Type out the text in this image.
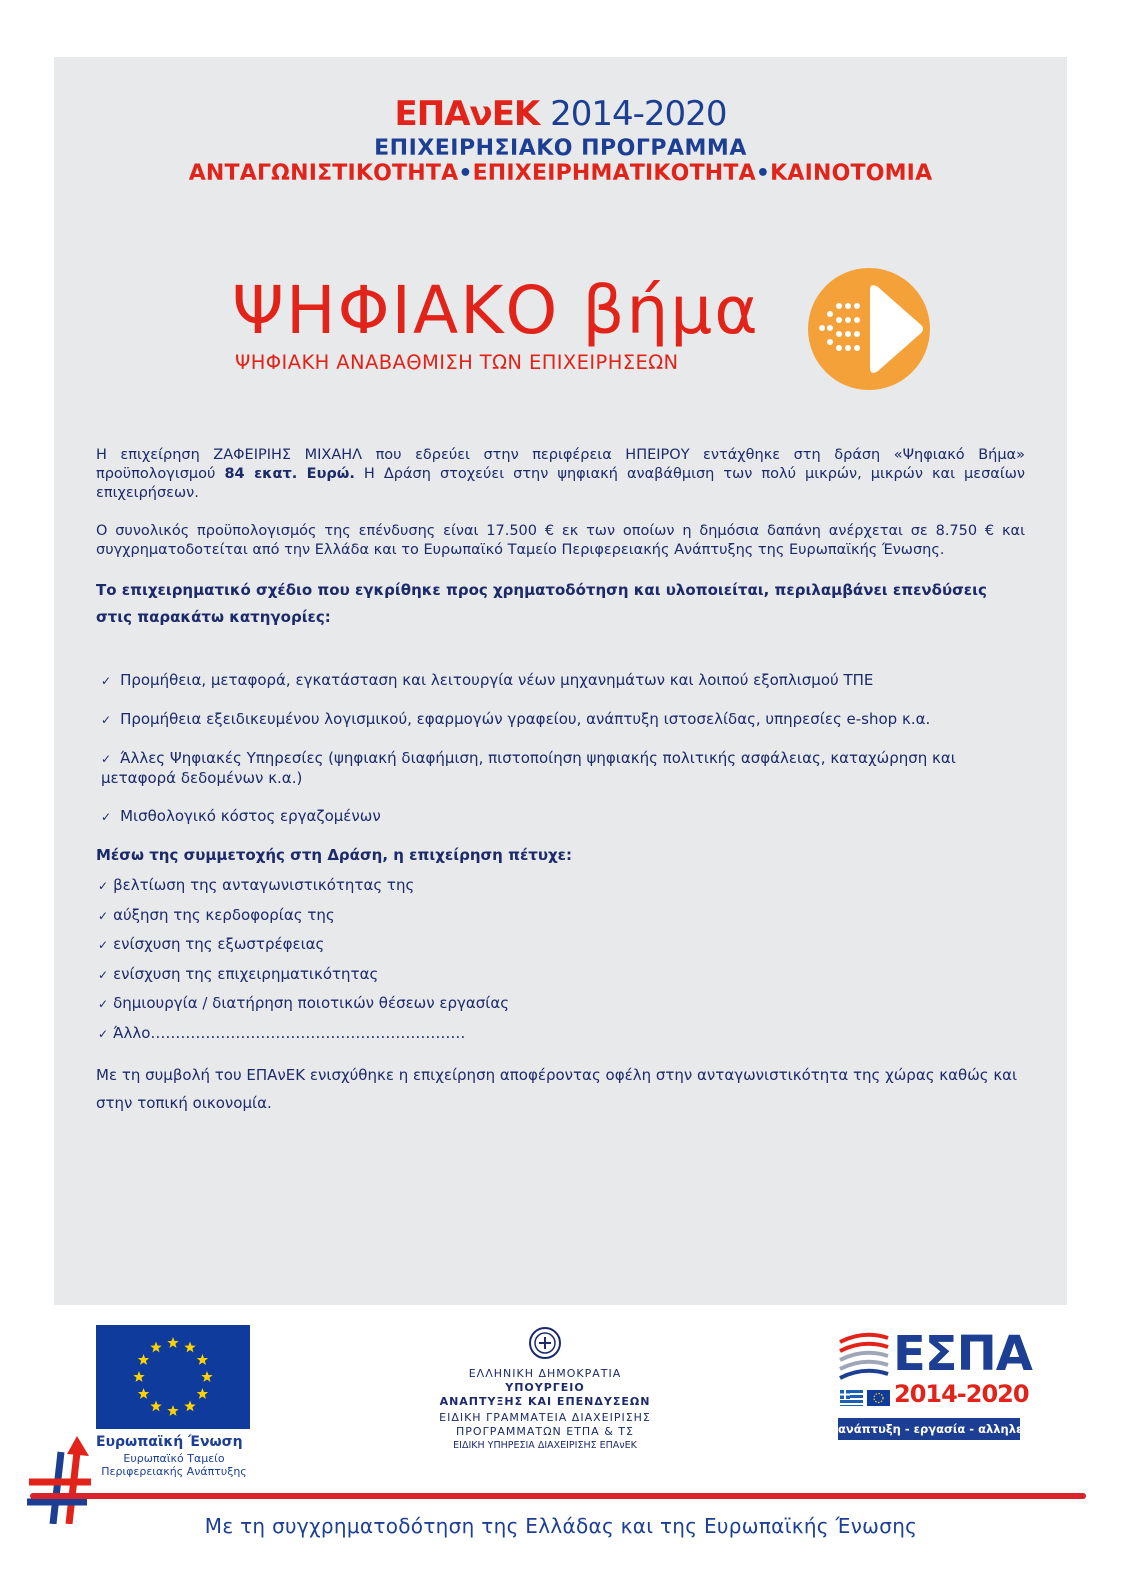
ΕΠΑνΕΚ 2014-2020
ΕΠΙΧΕΙΡΗΣΙΑΚΟ ΠΡΟΓΡΑΜΜΑ
ΑΝΤΑΓΩΝΙΣΤΙΚΟΤΗΤΑ•ΕΠΙΧΕΙΡΗΜΑΤΙΚΟΤΗΤΑ•ΚΑΙΝΟΤΟΜΙΑ
ΨΗΦΙΑΚΟ βήμα
ΨΗΦΙΑΚΗ ΑΝΑΒΑΘΜΙΣΗ ΤΩΝ ΕΠΙΧΕΙΡΗΣΕΩΝ

Η επιχείρηση ΖΑΦΕΙΡΙΗΣ ΜΙΧΑΗΛ που εδρεύει στην περιφέρεια ΗΠΕΙΡΟΥ εντάχθηκε στη δράση «Ψηφιακό Βήμα» προϋπολογισμού 84 εκατ. Ευρώ. Η Δράση στοχεύει στην ψηφιακή αναβάθμιση των πολύ μικρών, μικρών και μεσαίων επιχειρήσεων.

Ο συνολικός προϋπολογισμός της επένδυσης είναι 17.500 € εκ των οποίων η δημόσια δαπάνη ανέρχεται σε 8.750 € και συγχρηματοδοτείται από την Ελλάδα και το Ευρωπαϊκό Ταμείο Περιφερειακής Ανάπτυξης της Ευρωπαϊκής Ένωσης.

Το επιχειρηματικό σχέδιο που εγκρίθηκε προς χρηματοδότηση και υλοποιείται, περιλαμβάνει επενδύσεις στις παρακάτω κατηγορίες:

✓ Προμήθεια, μεταφορά, εγκατάσταση και λειτουργία νέων μηχανημάτων και λοιπού εξοπλισμού ΤΠΕ
✓ Προμήθεια εξειδικευμένου λογισμικού, εφαρμογών γραφείου, ανάπτυξη ιστοσελίδας, υπηρεσίες e-shop κ.α.
✓ Άλλες Ψηφιακές Υπηρεσίες (ψηφιακή διαφήμιση, πιστοποίηση ψηφιακής πολιτικής ασφάλειας, καταχώρηση και μεταφορά δεδομένων κ.α.)
✓ Μισθολογικό κόστος εργαζομένων

Μέσω της συμμετοχής στη Δράση, η επιχείρηση πέτυχε:

✓ βελτίωση της ανταγωνιστικότητας της
✓ αύξηση της κερδοφορίας της
✓ ενίσχυση της εξωστρέφειας
✓ ενίσχυση της επιχειρηματικότητας
✓ δημιουργία / διατήρηση ποιοτικών θέσεων εργασίας
✓ Άλλο………………………………………………………

Με τη συμβολή του ΕΠΑνΕΚ ενισχύθηκε η επιχείρηση αποφέροντας οφέλη στην ανταγωνιστικότητα της χώρας καθώς και στην τοπική οικονομία.

Ευρωπαϊκή Ένωση
Ευρωπαϊκό Ταμείο
Περιφερειακής Ανάπτυξης
ΕΛΛΗΝΙΚΗ ΔΗΜΟΚΡΑΤΙΑ
ΥΠΟΥΡΓΕΙΟ
ΑΝΑΠΤΥΞΗΣ ΚΑΙ ΕΠΕΝΔΥΣΕΩΝ
ΕΙΔΙΚΗ ΓΡΑΜΜΑΤΕΙΑ ΔΙΑΧΕΙΡΙΣΗΣ
ΠΡΟΓΡΑΜΜΑΤΩΝ ΕΤΠΑ & ΤΣ
ΕΙΔΙΚΗ ΥΠΗΡΕΣΙΑ ΔΙΑΧΕΙΡΙΣΗΣ ΕΠΑνΕΚ
ΕΣΠΑ
2014-2020
ανάπτυξη - εργασία - αλληλεγγύη
Με τη συγχρηματοδότηση της Ελλάδας και της Ευρωπαϊκής Ένωσης
